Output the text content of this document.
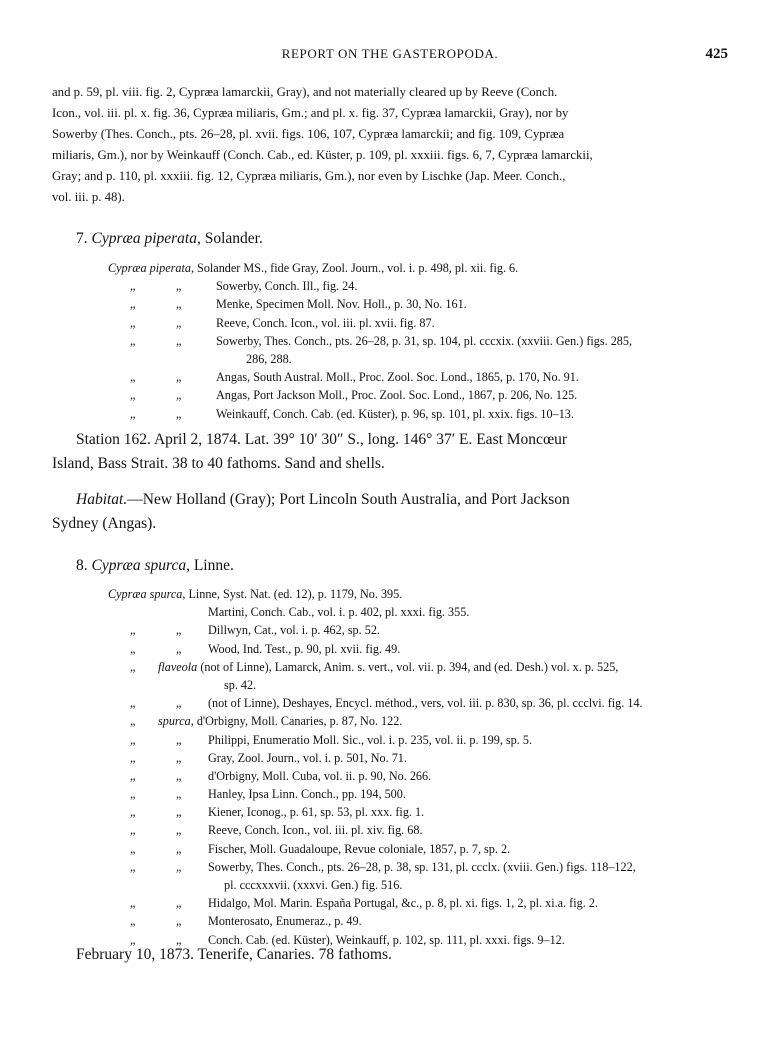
REPORT ON THE GASTEROPODA.	425
and p. 59, pl. viii. fig. 2, Cypræa lamarckii, Gray), and not materially cleared up by Reeve (Conch.
Icon., vol. iii. pl. x. fig. 36, Cypræa miliaris, Gm.; and pl. x. fig. 37, Cypræa lamarckii, Gray), nor by
Sowerby (Thes. Conch., pts. 26–28, pl. xvii. figs. 106, 107, Cypræa lamarckii; and fig. 109, Cypræa
miliaris, Gm.), nor by Weinkauff (Conch. Cab., ed. Küster, p. 109, pl. xxxiii. figs. 6, 7, Cypræa lamarckii,
Gray; and p. 110, pl. xxxiii. fig. 12, Cypræa miliaris, Gm.), nor even by Lischke (Jap. Meer. Conch.,
vol. iii. p. 48).
7. Cypræa piperata, Solander.
Cypræa piperata, Solander MS., fide Gray, Zool. Journ., vol. i. p. 498, pl. xii. fig. 6.
„	„	Sowerby, Conch. Ill., fig. 24.
„	„	Menke, Specimen Moll. Nov. Holl., p. 30, No. 161.
„	„	Reeve, Conch. Icon., vol. iii. pl. xvii. fig. 87.
„	„	Sowerby, Thes. Conch., pts. 26–28, p. 31, sp. 104, pl. cccxix. (xxviii. Gen.) figs. 285,
286, 288.
„	„	Angas, South Austral. Moll., Proc. Zool. Soc. Lond., 1865, p. 170, No. 91.
„	„	Angas, Port Jackson Moll., Proc. Zool. Soc. Lond., 1867, p. 206, No. 125.
„	„	Weinkauff, Conch. Cab. (ed. Küster), p. 96, sp. 101, pl. xxix. figs. 10–13.
Station 162. April 2, 1874. Lat. 39° 10′ 30″ S., long. 146° 37′ E. East Moncœur
Island, Bass Strait. 38 to 40 fathoms. Sand and shells.
Habitat.—New Holland (Gray); Port Lincoln South Australia, and Port Jackson
Sydney (Angas).
8. Cypræa spurca, Linne.
Cypræa spurca, Linne, Syst. Nat. (ed. 12), p. 1179, No. 395.
Martini, Conch. Cab., vol. i. p. 402, pl. xxxi. fig. 355.
„	„ Dillwyn, Cat., vol. i. p. 462, sp. 52.
„	„ Wood, Ind. Test., p. 90, pl. xvii. fig. 49.
„ flaveola (not of Linne), Lamarck, Anim. s. vert., vol. vii. p. 394, and (ed. Desh.) vol. x. p. 525,
sp. 42.
„	„ (not of Linne), Deshayes, Encycl. méthod., vers, vol. iii. p. 830, sp. 36, pl. ccclvi. fig. 14.
„ spurca, d'Orbigny, Moll. Canaries, p. 87, No. 122.
„	„ Philippi, Enumeratio Moll. Sic., vol. i. p. 235, vol. ii. p. 199, sp. 5.
„	„ Gray, Zool. Journ., vol. i. p. 501, No. 71.
„	„ d'Orbigny, Moll. Cuba, vol. ii. p. 90, No. 266.
„	„ Hanley, Ipsa Linn. Conch., pp. 194, 500.
„	„ Kiener, Iconog., p. 61, sp. 53, pl. xxx. fig. 1.
„	„ Reeve, Conch. Icon., vol. iii. pl. xiv. fig. 68.
„	„ Fischer, Moll. Guadaloupe, Revue coloniale, 1857, p. 7, sp. 2.
„	„ Sowerby, Thes. Conch., pts. 26–28, p. 38, sp. 131, pl. ccclx. (xviii. Gen.) figs. 118–122,
pl. cccxxxvii. (xxxvi. Gen.) fig. 516.
„	„ Hidalgo, Mol. Marin. España Portugal, &c., p. 8, pl. xi. figs. 1, 2, pl. xi.a. fig. 2.
„	„ Monterosato, Enumeraz., p. 49.
„	„ Conch. Cab. (ed. Küster), Weinkauff, p. 102, sp. 111, pl. xxxi. figs. 9–12.
February 10, 1873. Tenerife, Canaries. 78 fathoms.
